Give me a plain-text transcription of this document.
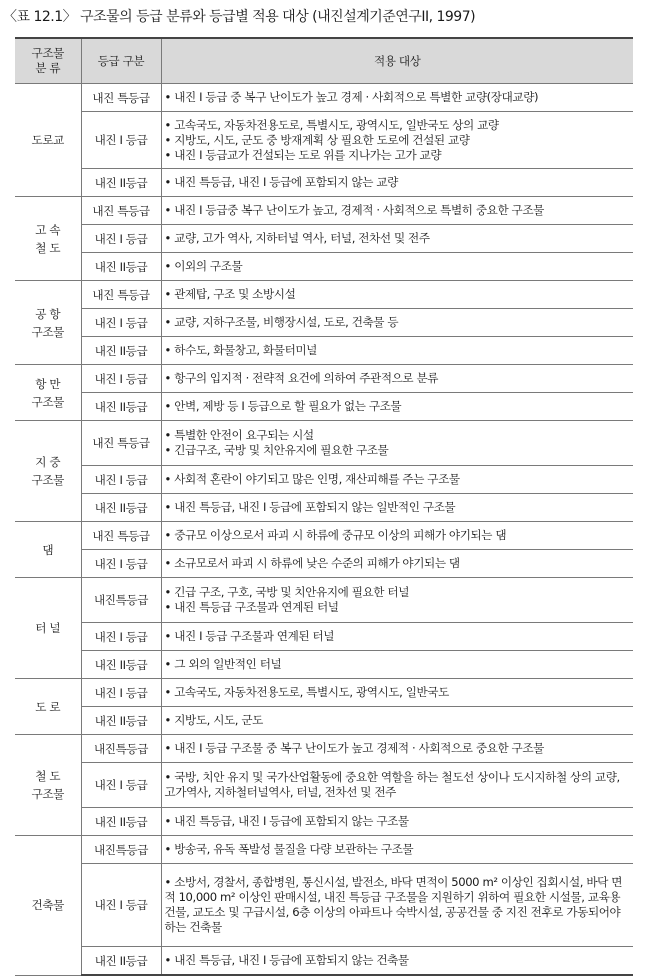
〈표 12.1〉 구조물의 등급 분류와 등급별 적용 대상 (내진설계기준연구II, 1997)
구조물
분 류	등급 구분	적용 대상

도로교	내진 특등급	• 내진 I 등급 중 복구 난이도가 높고 경제 · 사회적으로 특별한 교량(장대교량)

	내진 I 등급	• 고속국도, 자동차전용도로, 특별시도, 광역시도, 일반국도 상의 교량
• 지방도, 시도, 군도 중 방재계획 상 필요한 도로에 건설된 교량
• 내진 I 등급교가 건설되는 도로 위를 지나가는 고가 교량

	내진 II등급	• 내진 특등급, 내진 I 등급에 포함되지 않는 교량

고 속
철 도	내진 특등급	• 내진 I 등급중 복구 난이도가 높고, 경제적 · 사회적으로 특별히 중요한 구조물

	내진 I 등급	• 교량, 고가 역사, 지하터널 역사, 터널, 전차선 및 전주

	내진 II등급	• 이외의 구조물

공 항
구조물	내진 특등급	• 관제탑, 구조 및 소방시설

	내진 I 등급	• 교량, 지하구조물, 비행장시설, 도로, 건축물 등

	내진 II등급	• 하수도, 화물창고, 화물터미널

항 만
구조물	내진 I 등급	• 항구의 입지적 · 전략적 요건에 의하여 주관적으로 분류

	내진 II등급	• 안벽, 제방 등 I 등급으로 할 필요가 없는 구조물

지 중
구조물	내진 특등급	• 특별한 안전이 요구되는 시설
• 긴급구조, 국방 및 치안유지에 필요한 구조물

	내진 I 등급	• 사회적 혼란이 야기되고 많은 인명, 재산피해를 주는 구조물

	내진 II등급	• 내진 특등급, 내진 I 등급에 포함되지 않는 일반적인 구조물

댐	내진 특등급	• 중규모 이상으로서 파괴 시 하류에 중규모 이상의 피해가 야기되는 댐

	내진 I 등급	• 소규모로서 파괴 시 하류에 낮은 수준의 피해가 야기되는 댐

터 널	내진특등급	• 긴급 구조, 구호, 국방 및 치안유지에 필요한 터널
• 내진 특등급 구조물과 연계된 터널

	내진 I 등급	• 내진 I 등급 구조물과 연계된 터널

	내진 II등급	• 그 외의 일반적인 터널

도 로	내진 I 등급	• 고속국도, 자동차전용도로, 특별시도, 광역시도, 일반국도

	내진 II등급	• 지방도, 시도, 군도

철 도
구조물	내진특등급	• 내진 I 등급 구조물 중 복구 난이도가 높고 경제적 · 사회적으로 중요한 구조물

	내진 I 등급	• 국방, 치안 유지 및 국가산업활동에 중요한 역할을 하는 철도선 상이나 도시지하철 상의 교량, 고가역사, 지하철터널역사, 터널, 전차선 및 전주

	내진 II등급	• 내진 특등급, 내진 I 등급에 포함되지 않는 구조물

건축물	내진특등급	• 방송국, 유독 폭발성 물질을 다량 보관하는 구조물

	내진 I 등급	• 소방서, 경찰서, 종합병원, 통신시설, 발전소, 바닥 면적이 5000 m² 이상인 집회시설, 바닥 면적 10,000 m² 이상인 판매시설, 내진 특등급 구조물을 지원하기 위하여 필요한 시설물, 교육용 건물, 교도소 및 구급시설, 6층 이상의 아파트나 숙박시설, 공공건물 중 지진 전후로 가동되어야 하는 건축물

	내진 II등급	• 내진 특등급, 내진 I 등급에 포함되지 않는 건축물
